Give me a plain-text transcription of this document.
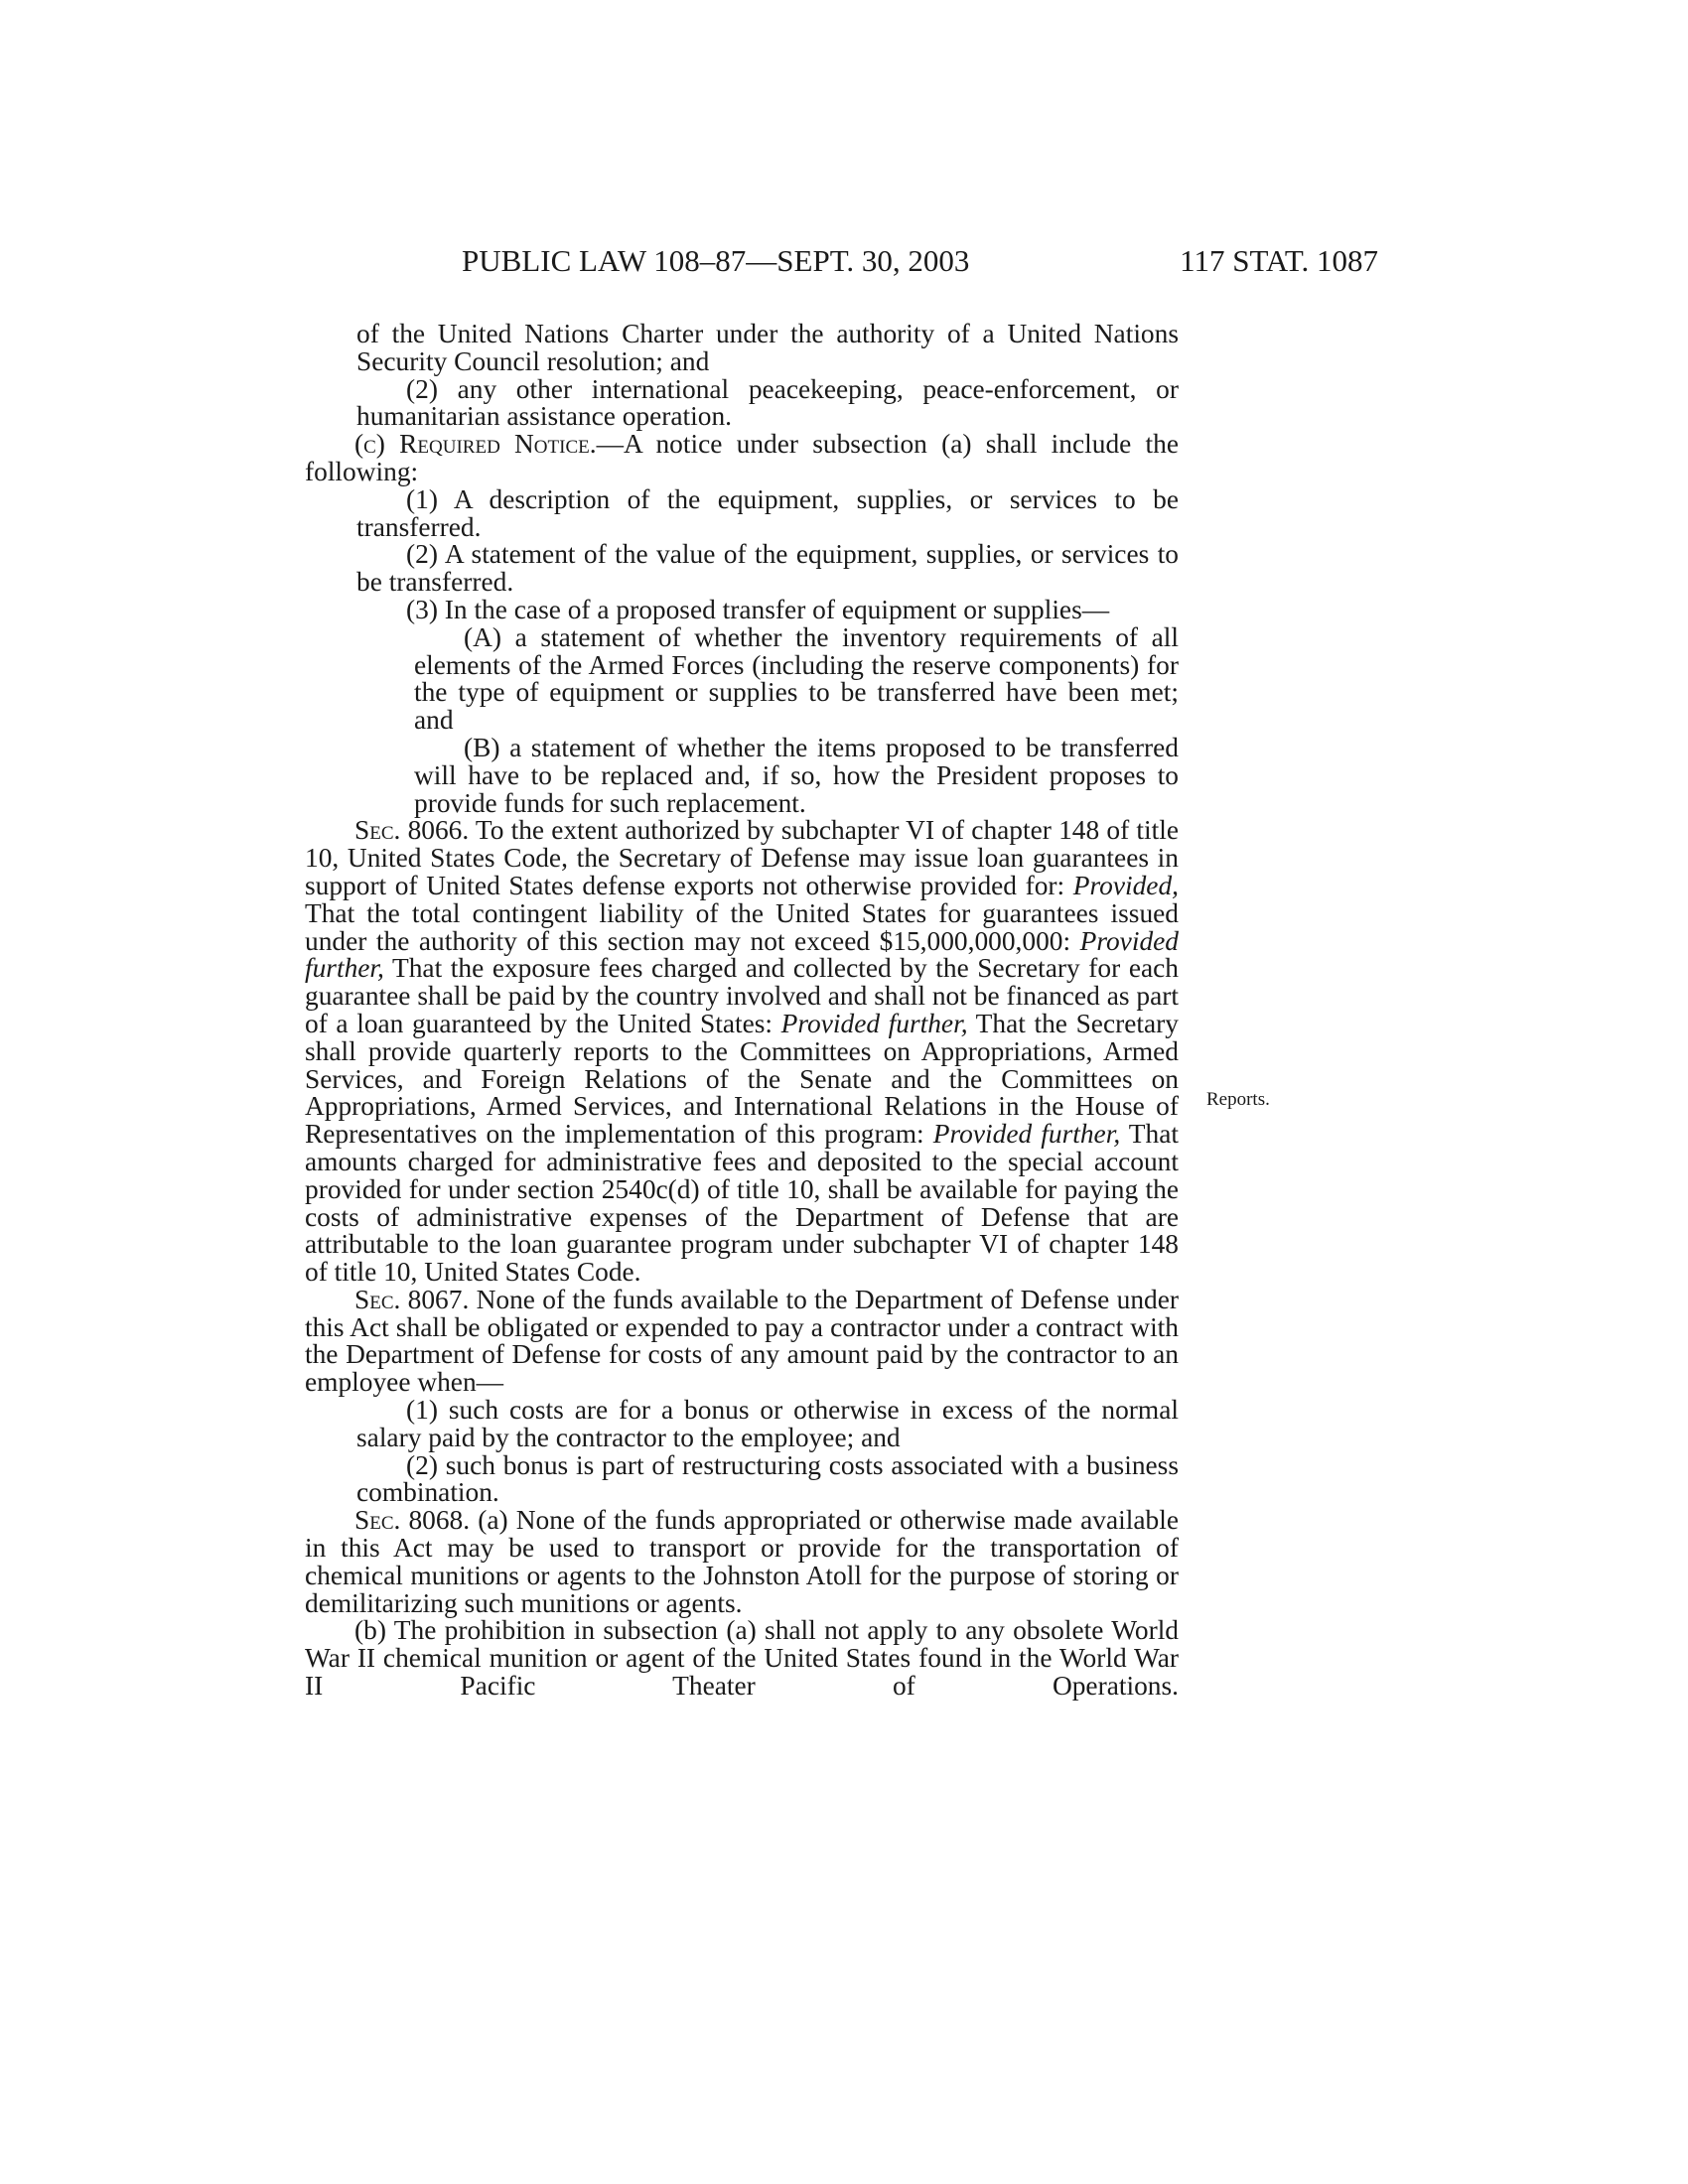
PUBLIC LAW 108–87—SEPT. 30, 2003	117 STAT. 1087
Reports.

of the United Nations Charter under the authority of a United Nations Security Council resolution; and

(2) any other international peacekeeping, peace-enforcement, or humanitarian assistance operation.

(c) Required Notice.—A notice under subsection (a) shall include the following:

(1) A description of the equipment, supplies, or services to be transferred.

(2) A statement of the value of the equipment, supplies, or services to be transferred.

(3) In the case of a proposed transfer of equipment or supplies—

(A) a statement of whether the inventory requirements of all elements of the Armed Forces (including the reserve components) for the type of equipment or supplies to be transferred have been met; and

(B) a statement of whether the items proposed to be transferred will have to be replaced and, if so, how the President proposes to provide funds for such replacement.

Sec. 8066. To the extent authorized by subchapter VI of chapter 148 of title 10, United States Code, the Secretary of Defense may issue loan guarantees in support of United States defense exports not otherwise provided for: Provided, That the total contingent liability of the United States for guarantees issued under the authority of this section may not exceed $15,000,000,000: Provided further, That the exposure fees charged and collected by the Secretary for each guarantee shall be paid by the country involved and shall not be financed as part of a loan guaranteed by the United States: Provided further, That the Secretary shall provide quarterly reports to the Committees on Appropriations, Armed Services, and Foreign Relations of the Senate and the Committees on Appropriations, Armed Services, and International Relations in the House of Representatives on the implementation of this program: Provided further, That amounts charged for administrative fees and deposited to the special account provided for under section 2540c(d) of title 10, shall be available for paying the costs of administrative expenses of the Department of Defense that are attributable to the loan guarantee program under subchapter VI of chapter 148 of title 10, United States Code.

Sec. 8067. None of the funds available to the Department of Defense under this Act shall be obligated or expended to pay a contractor under a contract with the Department of Defense for costs of any amount paid by the contractor to an employee when—

(1) such costs are for a bonus or otherwise in excess of the normal salary paid by the contractor to the employee; and

(2) such bonus is part of restructuring costs associated with a business combination.

Sec. 8068. (a) None of the funds appropriated or otherwise made available in this Act may be used to transport or provide for the transportation of chemical munitions or agents to the Johnston Atoll for the purpose of storing or demilitarizing such munitions or agents.

(b) The prohibition in subsection (a) shall not apply to any obsolete World War II chemical munition or agent of the United States found in the World War II Pacific Theater of Operations.
